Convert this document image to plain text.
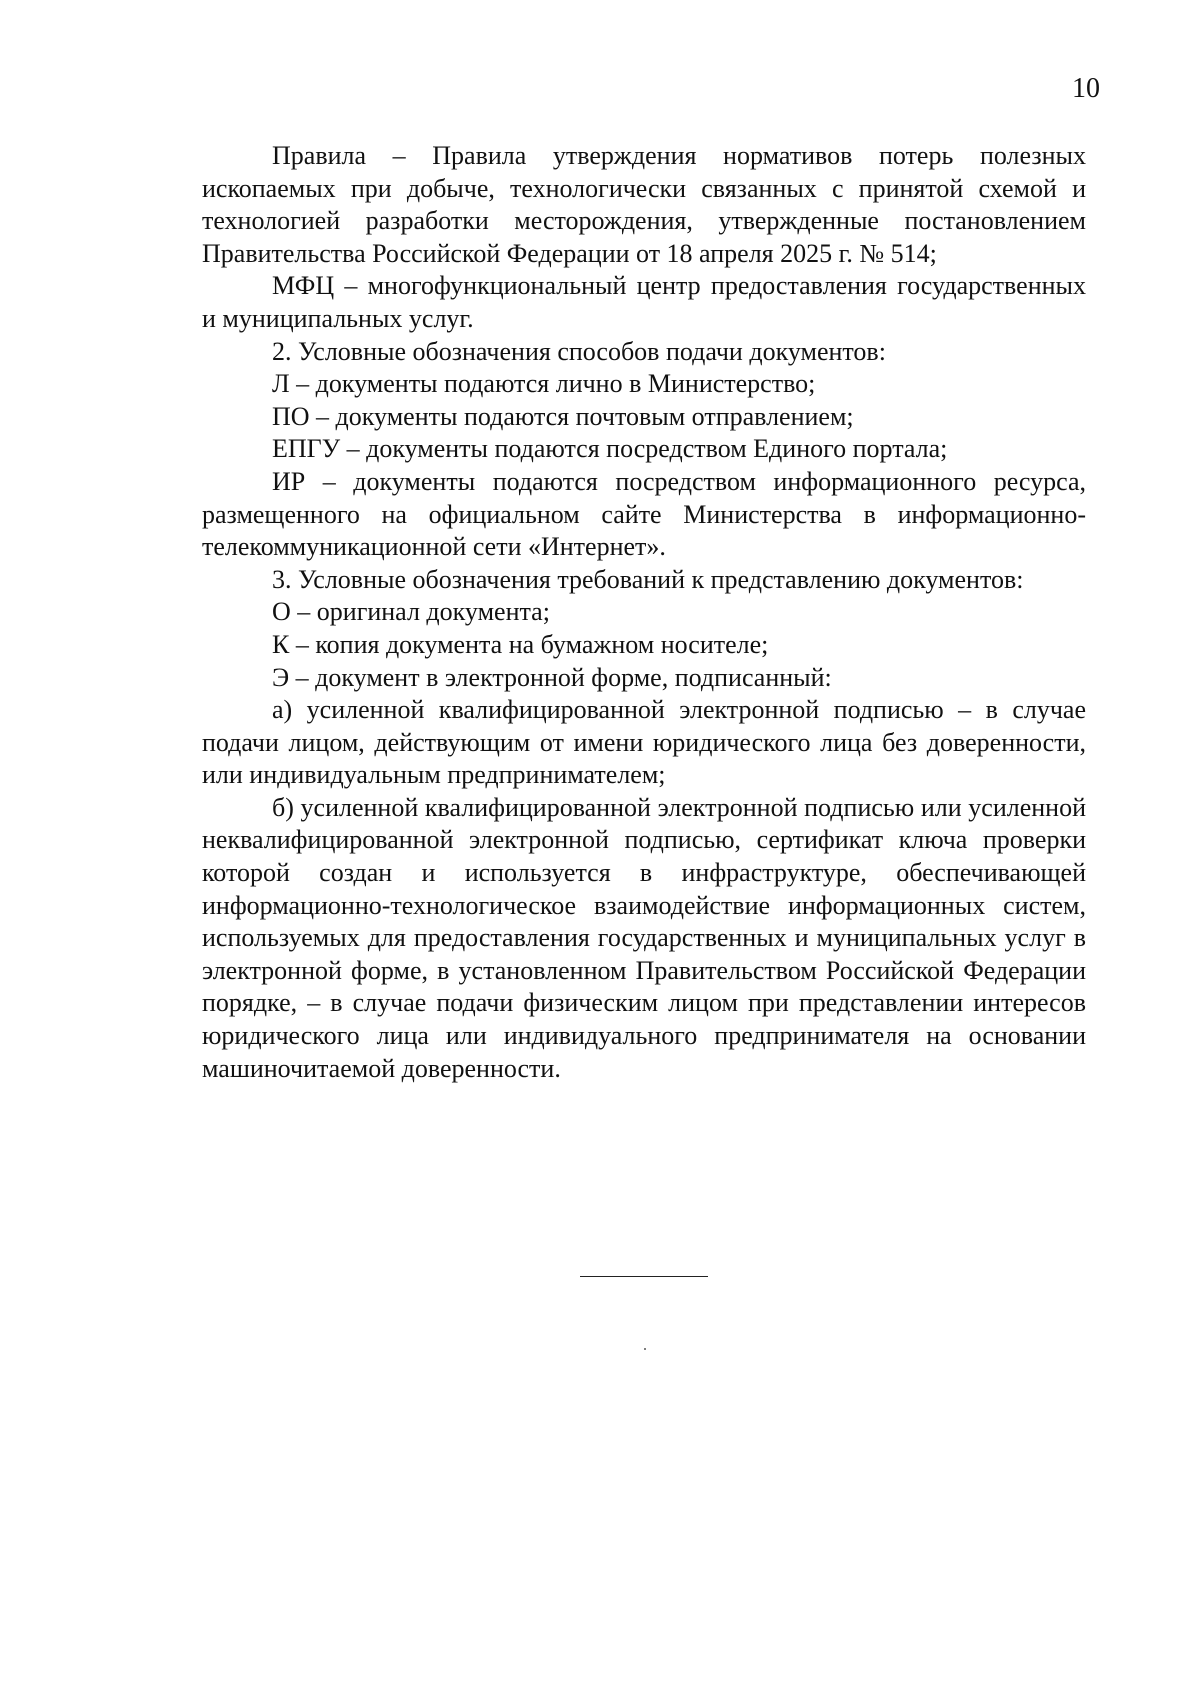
10

Правила – Правила утверждения нормативов потерь полезных ископаемых при добыче, технологически связанных с принятой схемой и технологией разработки месторождения, утвержденные постановлением Правительства Российской Федерации от 18 апреля 2025 г. № 514;

МФЦ – многофункциональный центр предоставления государственных и муниципальных услуг.

2. Условные обозначения способов подачи документов:

Л – документы подаются лично в Министерство;

ПО – документы подаются почтовым отправлением;

ЕПГУ – документы подаются посредством Единого портала;

ИР – документы подаются посредством информационного ресурса, размещенного на официальном сайте Министерства в информационно-телекоммуникационной сети «Интернет».

3. Условные обозначения требований к представлению документов:

О – оригинал документа;

К – копия документа на бумажном носителе;

Э – документ в электронной форме, подписанный:

а) усиленной квалифицированной электронной подписью – в случае подачи лицом, действующим от имени юридического лица без доверенности, или индивидуальным предпринимателем;

б) усиленной квалифицированной электронной подписью или усиленной неквалифицированной электронной подписью, сертификат ключа проверки которой создан и используется в инфраструктуре, обеспечивающей информационно-технологическое взаимодействие информационных систем, используемых для предоставления государственных и муниципальных услуг в электронной форме, в установленном Правительством Российской Федерации порядке, – в случае подачи физическим лицом при представлении интересов юридического лица или индивидуального предпринимателя на основании машиночитаемой доверенности.
